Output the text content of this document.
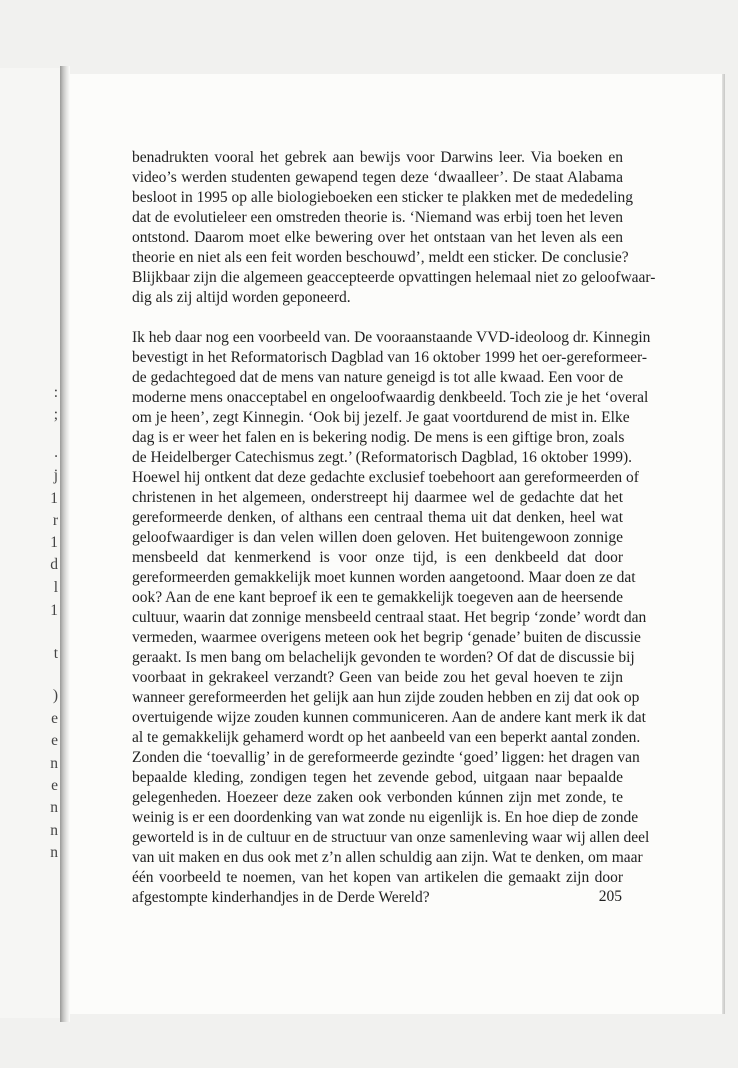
:
;
.
j
1
r
1
d
l
1
t
)
e
e
n
e
n
n
n

benadrukten vooral het gebrek aan bewijs voor Darwins leer. Via boeken en
video’s werden studenten gewapend tegen deze ‘dwaalleer’. De staat Alabama
besloot in 1995 op alle biologieboeken een sticker te plakken met de mededeling
dat de evolutieleer een omstreden theorie is. ‘Niemand was erbij toen het leven
ontstond. Daarom moet elke bewering over het ontstaan van het leven als een
theorie en niet als een feit worden beschouwd’, meldt een sticker. De conclusie?
Blijkbaar zijn die algemeen geaccepteerde opvattingen helemaal niet zo geloofwaar-
dig als zij altijd worden geponeerd.

Ik heb daar nog een voorbeeld van. De vooraanstaande VVD-ideoloog dr. Kinnegin
bevestigt in het Reformatorisch Dagblad van 16 oktober 1999 het oer-gereformeer-
de gedachtegoed dat de mens van nature geneigd is tot alle kwaad. Een voor de
moderne mens onacceptabel en ongeloofwaardig denkbeeld. Toch zie je het ‘overal
om je heen’, zegt Kinnegin. ‘Ook bij jezelf. Je gaat voortdurend de mist in. Elke
dag is er weer het falen en is bekering nodig. De mens is een giftige bron, zoals
de Heidelberger Catechismus zegt.’ (Reformatorisch Dagblad, 16 oktober 1999).
Hoewel hij ontkent dat deze gedachte exclusief toebehoort aan gereformeerden of
christenen in het algemeen, onderstreept hij daarmee wel de gedachte dat het
gereformeerde denken, of althans een centraal thema uit dat denken, heel wat
geloofwaardiger is dan velen willen doen geloven. Het buitengewoon zonnige
mensbeeld dat kenmerkend is voor onze tijd, is een denkbeeld dat door
gereformeerden gemakkelijk moet kunnen worden aangetoond. Maar doen ze dat
ook? Aan de ene kant beproef ik een te gemakkelijk toegeven aan de heersende
cultuur, waarin dat zonnige mensbeeld centraal staat. Het begrip ‘zonde’ wordt dan
vermeden, waarmee overigens meteen ook het begrip ‘genade’ buiten de discussie
geraakt. Is men bang om belachelijk gevonden te worden? Of dat de discussie bij
voorbaat in gekrakeel verzandt? Geen van beide zou het geval hoeven te zijn
wanneer gereformeerden het gelijk aan hun zijde zouden hebben en zij dat ook op
overtuigende wijze zouden kunnen communiceren. Aan de andere kant merk ik dat
al te gemakkelijk gehamerd wordt op het aanbeeld van een beperkt aantal zonden.
Zonden die ‘toevallig’ in de gereformeerde gezindte ‘goed’ liggen: het dragen van
bepaalde kleding, zondigen tegen het zevende gebod, uitgaan naar bepaalde
gelegenheden. Hoezeer deze zaken ook verbonden kúnnen zijn met zonde, te
weinig is er een doordenking van wat zonde nu eigenlijk is. En hoe diep de zonde
geworteld is in de cultuur en de structuur van onze samenleving waar wij allen deel
van uit maken en dus ook met z’n allen schuldig aan zijn. Wat te denken, om maar
één voorbeeld te noemen, van het kopen van artikelen die gemaakt zijn door
afgestompte kinderhandjes in de Derde Wereld?	205
